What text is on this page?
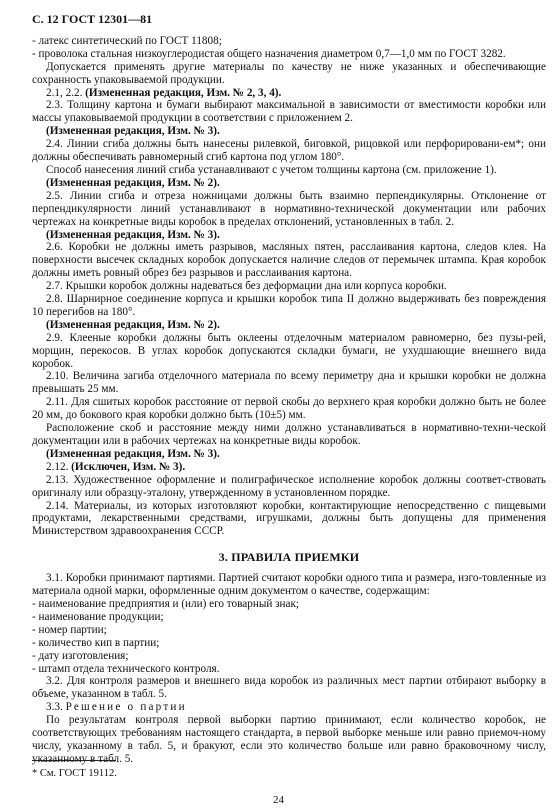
С. 12 ГОСТ 12301—81

- латекс синтетический по ГОСТ 11808;

- проволока стальная низкоуглеродистая общего назначения диаметром 0,7—1,0 мм по ГОСТ 3282.

Допускается применять другие материалы по качеству не ниже указанных и обеспечивающие сохранность упаковываемой продукции.

2.1, 2.2. (Измененная редакция, Изм. № 2, 3, 4).

2.3. Толщину картона и бумаги выбирают максимальной в зависимости от вместимости коробки или массы упаковываемой продукции в соответствии с приложением 2.

(Измененная редакция, Изм. № 3).

2.4. Линии сгиба должны быть нанесены рилевкой, биговкой, рицовкой или перфорировани-ем*; они должны обеспечивать равномерный сгиб картона под углом 180°.

Способ нанесения линий сгиба устанавливают с учетом толщины картона (см. приложение 1).

(Измененная редакция, Изм. № 2).

2.5. Линии сгиба и отреза ножницами должны быть взаимно перпендикулярны. Отклонение от перпендикулярности линий устанавливают в нормативно-технической документации или рабочих чертежах на конкретные виды коробок в пределах отклонений, установленных в табл. 2.

(Измененная редакция, Изм. № 3).

2.6. Коробки не должны иметь разрывов, масляных пятен, расслаивания картона, следов клея. На поверхности высечек складных коробок допускается наличие следов от перемычек штампа. Края коробок должны иметь ровный обрез без разрывов и расслаивания картона.

2.7. Крышки коробок должны надеваться без деформации дна или корпуса коробки.

2.8. Шарнирное соединение корпуса и крышки коробок типа II должно выдерживать без повреждения 10 перегибов на 180°.

(Измененная редакция, Изм. № 2).

2.9. Клееные коробки должны быть оклеены отделочным материалом равномерно, без пузы-рей, морщин, перекосов. В углах коробок допускаются складки бумаги, не ухудшающие внешнего вида коробок.

2.10. Величина загиба отделочного материала по всему периметру дна и крышки коробки не должна превышать 25 мм.

2.11. Для сшитых коробок расстояние от первой скобы до верхнего края коробки должно быть не более 20 мм, до бокового края коробки должно быть (10±5) мм.

Расположение скоб и расстояние между ними должно устанавливаться в нормативно-техни-ческой документации или в рабочих чертежах на конкретные виды коробок.

(Измененная редакция, Изм. № 3).

2.12. (Исключен, Изм. № 3).

2.13. Художественное оформление и полиграфическое исполнение коробок должны соответ-ствовать оригиналу или образцу-эталону, утвержденному в установленном порядке.

2.14. Материалы, из которых изготовляют коробки, контактирующие непосредственно с пищевыми продуктами, лекарственными средствами, игрушками, должны быть допущены для применения Министерством здравоохранения СССР.

3. ПРАВИЛА ПРИЕМКИ

3.1. Коробки принимают партиями. Партией считают коробки одного типа и размера, изго-товленные из материала одной марки, оформленные одним документом о качестве, содержащим:

- наименование предприятия и (или) его товарный знак;

- наименование продукции;

- номер партии;

- количество кип в партии;

- дату изготовления;

- штамп отдела технического контроля.

3.2. Для контроля размеров и внешнего вида коробок из различных мест партии отбирают выборку в объеме, указанном в табл. 5.

3.3. Решение о партии

По результатам контроля первой выборки партию принимают, если количество коробок, не соответствующих требованиям настоящего стандарта, в первой выборке меньше или равно приемоч-ному числу, указанному в табл. 5, и бракуют, если это количество больше или равно браковочному числу, указанному в табл. 5.

* См. ГОСТ 19112.
24
